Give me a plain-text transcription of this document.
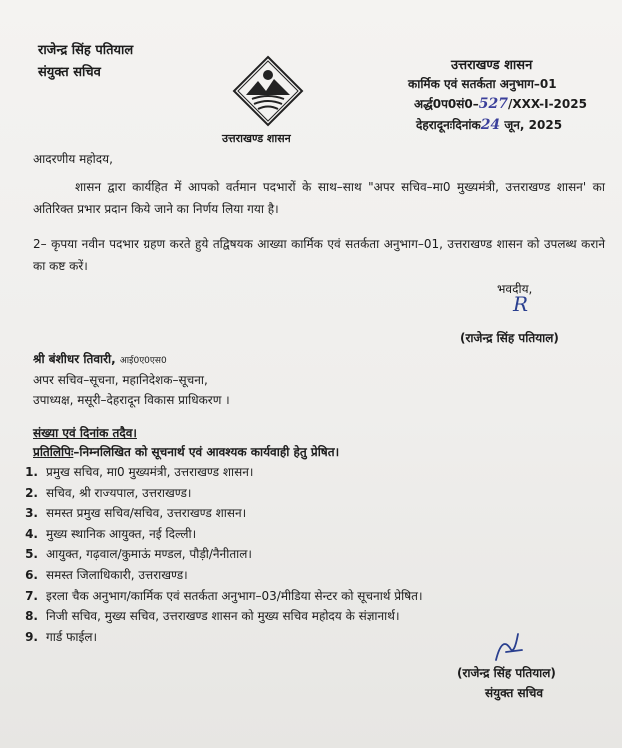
राजेन्द्र सिंह पतियाल
संयुक्त सचिव
उत्तराखण्ड शासन
उत्तराखण्ड शासन
कार्मिक एवं सतर्कता अनुभाग–01
अर्द्ध0प0सं0–527/XXX-I-2025
देहरादूनःदिनांक24 जून, 2025
आदरणीय महोदय,
शासन द्वारा कार्यहित में आपको वर्तमान पदभारों के साथ–साथ "अपर सचिव–मा0 मुख्यमंत्री, उत्तराखण्ड शासन' का अतिरिक्त प्रभार प्रदान किये जाने का निर्णय लिया गया है।
2– कृपया नवीन पदभार ग्रहण करते हुये तद्विषयक आख्या कार्मिक एवं सतर्कता अनुभाग–01, उत्तराखण्ड शासन को उपलब्ध कराने का कष्ट करें।
भवदीय,
R
(राजेन्द्र सिंह पतियाल)
श्री बंशीधर तिवारी, आई0ए0एस0
अपर सचिव–सूचना, महानिदेशक–सूचना,
उपाध्यक्ष, मसूरी–देहरादून विकास प्राधिकरण ।
संख्या एवं दिनांक तदैव।
प्रतिलिपिः–निम्नलिखित को सूचनार्थ एवं आवश्यक कार्यवाही हेतु प्रेषित।
1. प्रमुख सचिव, मा0 मुख्यमंत्री, उत्तराखण्ड शासन।
2. सचिव, श्री राज्यपाल, उत्तराखण्ड।
3. समस्त प्रमुख सचिव/सचिव, उत्तराखण्ड शासन।
4. मुख्य स्थानिक आयुक्त, नई दिल्ली।
5. आयुक्त, गढ़वाल/कुमाऊं मण्डल, पौड़ी/नैनीताल।
6. समस्त जिलाधिकारी, उत्तराखण्ड।
7. इरला चैक अनुभाग/कार्मिक एवं सतर्कता अनुभाग–03/मीडिया सेन्टर को सूचनार्थ प्रेषित।
8. निजी सचिव, मुख्य सचिव, उत्तराखण्ड शासन को मुख्य सचिव महोदय के संज्ञानार्थ।
9. गार्ड फाईल।
(राजेन्द्र सिंह पतियाल)
संयुक्त सचिव
